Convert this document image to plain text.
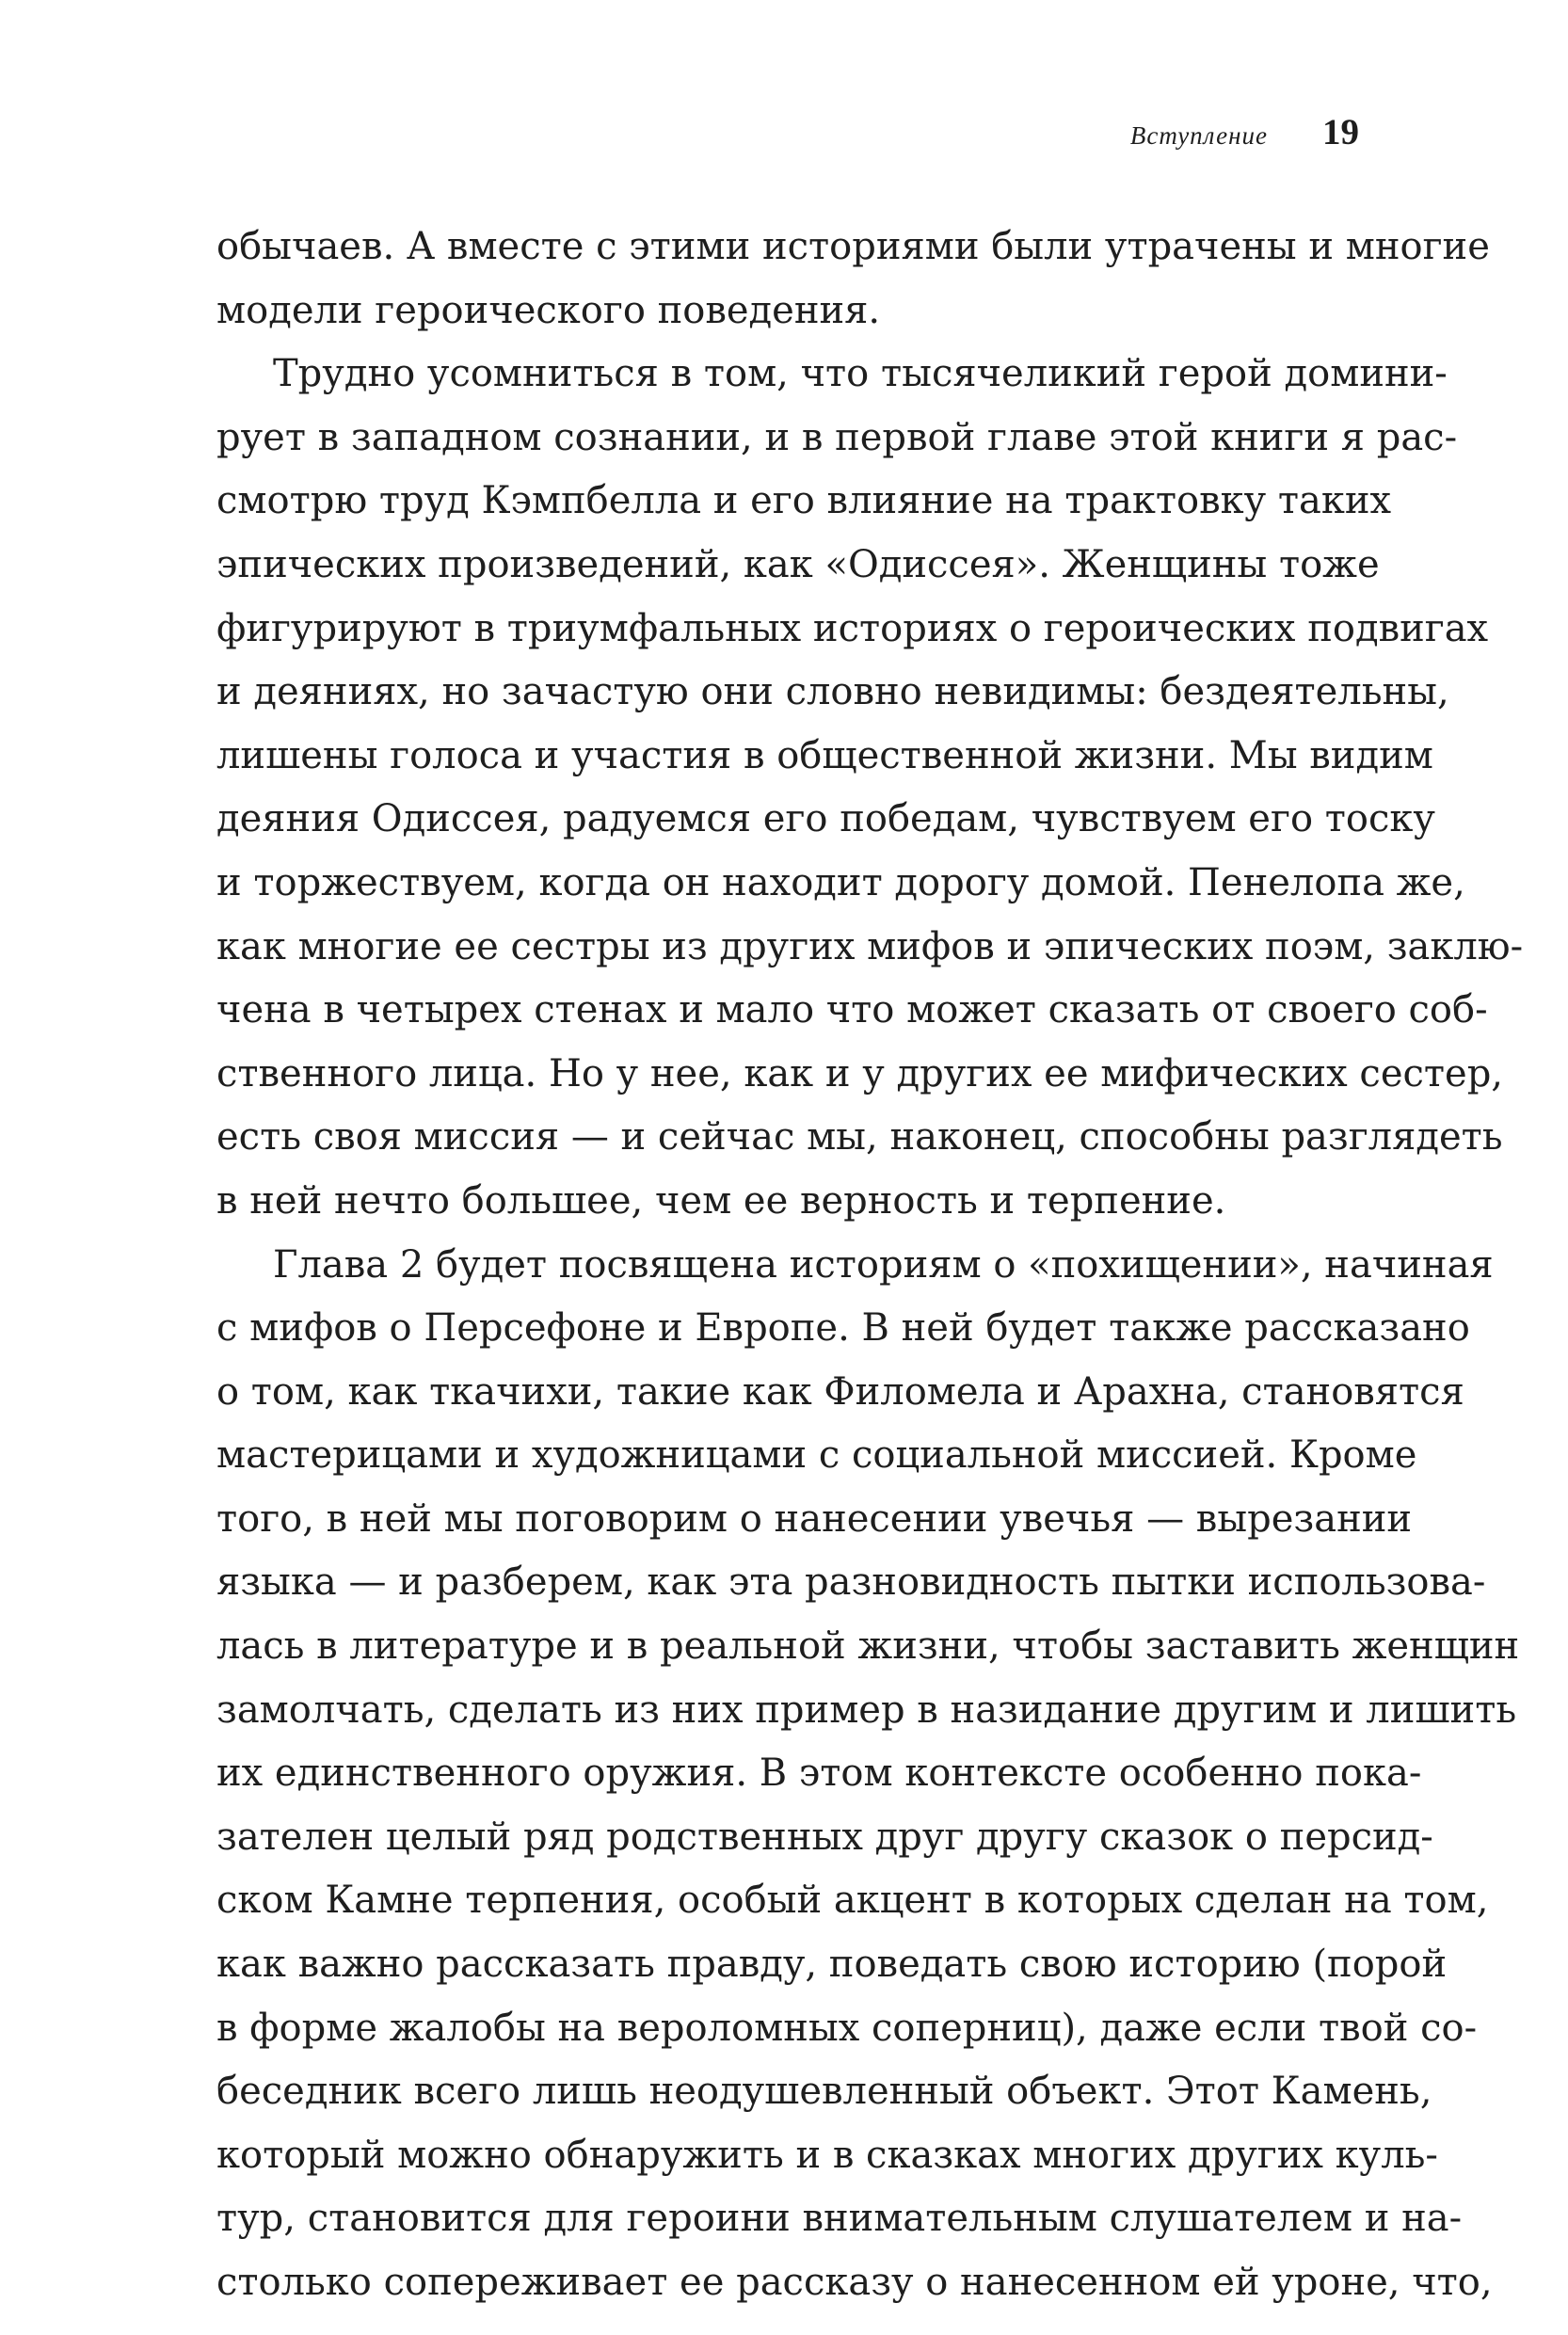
Вступление 19
обычаев. А вместе с этими историями были утрачены и многие
модели героического поведения.
Трудно усомниться в том, что тысячеликий герой домини-
рует в западном сознании, и в первой главе этой книги я рас-
смотрю труд Кэмпбелла и его влияние на трактовку таких
эпических произведений, как «Одиссея». Женщины тоже
фигурируют в триумфальных историях о героических подвигах
и деяниях, но зачастую они словно невидимы: бездеятельны,
лишены голоса и участия в общественной жизни. Мы видим
деяния Одиссея, радуемся его победам, чувствуем его тоску
и торжествуем, когда он находит дорогу домой. Пенелопа же,
как многие ее сестры из других мифов и эпических поэм, заклю-
чена в четырех стенах и мало что может сказать от своего соб-
ственного лица. Но у нее, как и у других ее мифических сестер,
есть своя миссия — и сейчас мы, наконец, способны разглядеть
в ней нечто большее, чем ее верность и терпение.
Глава 2 будет посвящена историям о «похищении», начиная
с мифов о Персефоне и Европе. В ней будет также рассказано
о том, как ткачихи, такие как Филомела и Арахна, становятся
мастерицами и художницами с социальной миссией. Кроме
того, в ней мы поговорим о нанесении увечья — вырезании
языка — и разберем, как эта разновидность пытки использова-
лась в литературе и в реальной жизни, чтобы заставить женщин
замолчать, сделать из них пример в назидание другим и лишить
их единственного оружия. В этом контексте особенно пока-
зателен целый ряд родственных друг другу сказок о персид-
ском Камне терпения, особый акцент в которых сделан на том,
как важно рассказать правду, поведать свою историю (порой
в форме жалобы на вероломных соперниц), даже если твой со-
беседник всего лишь неодушевленный объект. Этот Камень,
который можно обнаружить и в сказках многих других куль-
тур, становится для героини внимательным слушателем и на-
столько сопереживает ее рассказу о нанесенном ей уроне, что,
